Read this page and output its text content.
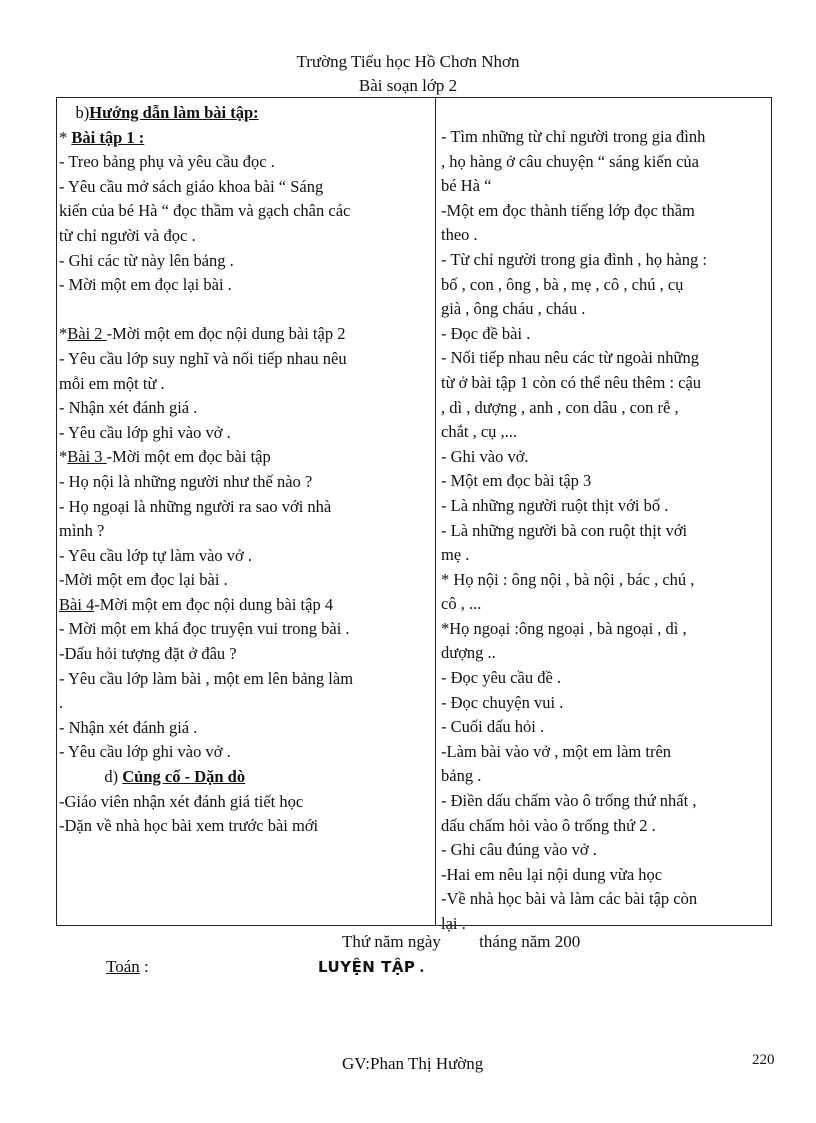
Trường Tiểu học Hồ Chơn Nhơn
Bài soạn lớp 2
b)Hướng dẫn làm bài tập:
* Bài tập 1 :
- Treo bảng phụ và yêu cầu đọc .
- Yêu cầu mở sách giáo khoa bài “ Sáng
kiến của bé Hà “ đọc thầm và gạch chân các
từ chỉ người và đọc .
- Ghi các từ này lên bảng .
- Mời một em đọc lại bài .
*Bài 2 -Mời một em đọc nội dung bài tập 2
- Yêu cầu lớp suy nghĩ và nối tiếp nhau nêu
mỗi em một từ .
- Nhận xét đánh giá .
- Yêu cầu lớp ghi vào vở .
*Bài 3 -Mời một em đọc bài tập
- Họ nội là những người như thế nào ?
- Họ ngoại là những người ra sao với nhà
mình ?
- Yêu cầu lớp tự làm vào vở .
-Mời một em đọc lại bài .
Bài 4-Mời một em đọc nội dung bài tập 4
- Mời một em khá đọc truyện vui trong bài .
-Dấu hỏi tượng đặt ở đâu ?
- Yêu cầu lớp làm bài , một em lên bảng làm
.
- Nhận xét đánh giá .
- Yêu cầu lớp ghi vào vở .
d) Củng cố - Dặn dò
-Giáo viên nhận xét đánh giá tiết học
-Dặn về nhà học bài xem trước bài mới
- Tìm những từ chỉ người trong gia đình
, họ hàng ở câu chuyện “ sáng kiến của
bé Hà “
-Một em đọc thành tiếng lớp đọc thầm
theo .
- Từ chỉ người trong gia đình , họ hàng :
bố , con , ông , bà , mẹ , cô , chú , cụ
già , ông cháu , cháu .
- Đọc đề bài .
- Nối tiếp nhau nêu các từ ngoài những
từ ở bài tập 1 còn có thể nêu thêm : cậu
, dì , dượng , anh , con dâu , con rễ ,
chắt , cụ ,...
- Ghi vào vở.
- Một em đọc bài tập 3
- Là những người ruột thịt với bố .
- Là những người bà con ruột thịt với
mẹ .
* Họ nội : ông nội , bà nội , bác , chú ,
cô , ...
*Họ ngoại :ông ngoại , bà ngoại , dì ,
dượng ..
- Đọc yêu cầu đề .
- Đọc chuyện vui .
- Cuối dấu hỏi .
-Làm bài vào vở , một em làm trên
bảng .
- Điền dấu chấm vào ô trống thứ nhất ,
dấu chấm hỏi vào ô trống thứ 2 .
- Ghi câu đúng vào vở .
-Hai em nêu lại nội dung vừa học
-Về nhà học bài và làm các bài tập còn
lại .
Thứ năm ngày tháng năm 200
Toán :	LUYỆN TẬP .
GV:Phan Thị Hường	220
